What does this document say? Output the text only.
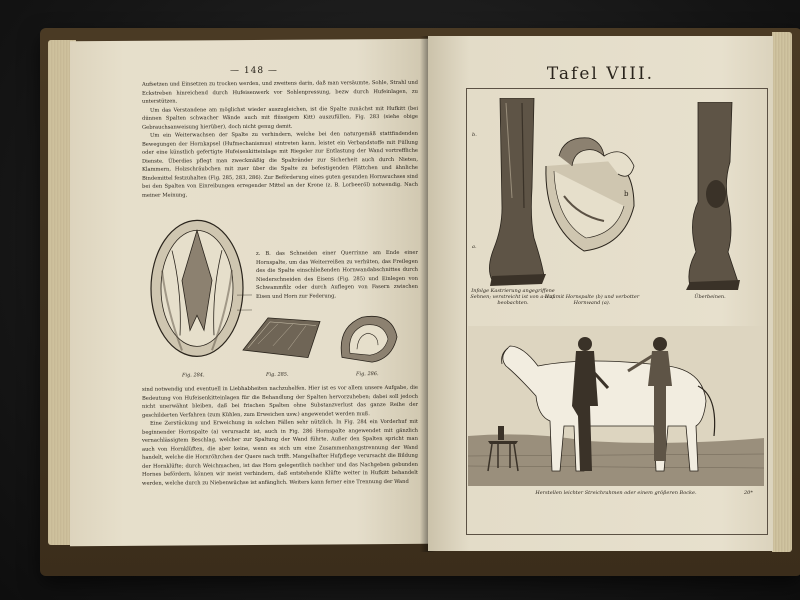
— 148 —

Aufsetzen und Einsetzen zu trocken werden, und zweitens darin, daß man versäumte, Sohle, Strahl und Eckstreben hinreichend durch Hufeisenwerk vor Sohlenpressung, bezw durch Hufeinlagen, zu unterstützen.

Um das Verstandene am möglichst wieder auszugleichen, ist die Spalte zunächst mit Hufkitt (bei dünnen Spalten schwacher Wände auch mit flüssigem Kitt) auszufüllen, Fig. 283 (siehe obige Gebrauchsanweisung hierüber), doch nicht genug damit.

Um ein Weiterwachsen der Spalte zu verhindern, welche bei den naturgemäß stattfindenden Bewegungen der Hornkapsel (Hufmechanismus) eintreten kann, leistet ein Verbandstoffe mit Füllung oder eine künstlich gefertigte Hufeisenkitteinlage mit Riegeler zur Entlastung der Wand vortreffliche Dienste. Überdies pflegt man zweckmäßig die Spaltränder zur Sicherheit auch durch Nieten, Klammern, Holzschräubchen mit zuer über die Spalte zu befestigenden Plättchen und ähnliche Bindemittel festzuhalten (Fig. 285, 283, 286). Zur Beförderung eines guten gesunden Hornwuchses sind bei den Spalten von Einreibungen erregender Mittel an der Krone (z. B. Lorbeeröl) notwendig. Nach meiner Meinung,

Fig. 284.

z. B. das Schneiden einer Querrinne am Ende einer Hornspalte, um das Weiterreißen zu verhüten, das Freilegen des die Spalte einschließenden Hornwandabschnittes durch Niederschneiden des Eisens (Fig. 285) und Einlegen von Schwammfilz oder durch Auflegen von Fasern zwischen Eisen und Horn zur Federung,

Fig. 285.	Fig. 286.

sind notwendig und eventuell in Liebhabheiten nachzuhelfen. Hier ist es vor allem unsere Aufgabe, die Bedeutung von Hufeisenkitteinlagen für die Behandlung der Spalten hervorzuheben; dabei soll jedoch nicht unerwähnt bleiben, daß bei frischen Spalten ohne Substanzverlust das ganze Reihe der geschilderten Verfahren (zum Kühlen, zum Erweichen usw.) angewendet werden muß.

Eine Zerstückung und Erweichung in solchen Fällen sehr nützlich. In Fig. 284 ein Vorderhuf mit beginnender Hornspalte (a) verursacht ist, auch in Fig. 286 Hornspalte angewendet mit gänzlich vernachlässigtem Beschlag, welcher zur Spaltung der Wand führte. Außer den Spalten spricht man auch von Hornklüften, die aber keine, wenn es sich um eine Zusammenhangstrennung der Wand handelt, welche die Hornröhrchen der Quere nach trifft. Mangelhafter Hufpflege verursacht die Bildung der Hornklüfte; durch Weichmachen, ist das Horn gelegentlich nachher und das Nachgeben gebunden Hornes befördern, können wir meist verhindern, daß entstehende Klüfte weiter in Hufkitt behandelt werden, welche durch zu Niebenwüchse ist anfänglich. Weiters kann ferner eine Trennung der Wand

Tafel VIII.
b.
a.
Infolge Kastrierung angegriffene Sehnen; verstreicht ist von a-b zu beobachten.
b
Huf mit Hornspalte (b) und verbotter Hornwand (a).
Überbeinen.
Herstellen leichter Streichrahmen oder einem größeren Bocke.	20*
